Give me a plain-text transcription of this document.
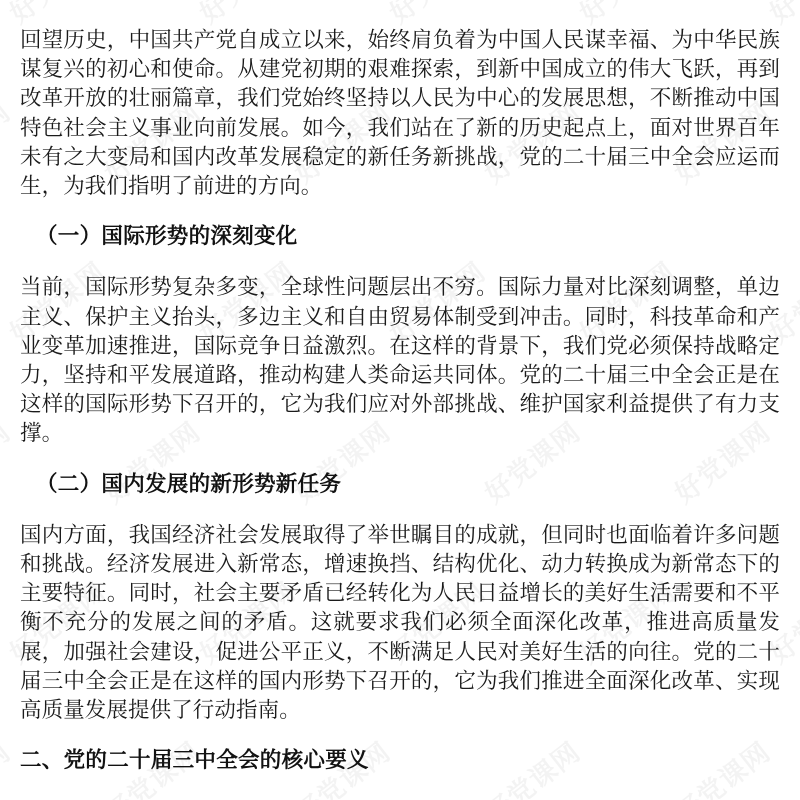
回望历史，中国共产党自成立以来，始终肩负着为中国人民谋幸福、为中华民族谋复兴的初心和使命。从建党初期的艰难探索，到新中国成立的伟大飞跃，再到改革开放的壮丽篇章，我们党始终坚持以人民为中心的发展思想，不断推动中国特色社会主义事业向前发展。如今，我们站在了新的历史起点上，面对世界百年未有之大变局和国内改革发展稳定的新任务新挑战，党的二十届三中全会应运而生，为我们指明了前进的方向。

（一）国际形势的深刻变化

当前，国际形势复杂多变，全球性问题层出不穷。国际力量对比深刻调整，单边主义、保护主义抬头，多边主义和自由贸易体制受到冲击。同时，科技革命和产业变革加速推进，国际竞争日益激烈。在这样的背景下，我们党必须保持战略定力，坚持和平发展道路，推动构建人类命运共同体。党的二十届三中全会正是在这样的国际形势下召开的，它为我们应对外部挑战、维护国家利益提供了有力支撑。

（二）国内发展的新形势新任务

国内方面，我国经济社会发展取得了举世瞩目的成就，但同时也面临着许多问题和挑战。经济发展进入新常态，增速换挡、结构优化、动力转换成为新常态下的主要特征。同时，社会主要矛盾已经转化为人民日益增长的美好生活需要和不平衡不充分的发展之间的矛盾。这就要求我们必须全面深化改革，推进高质量发展，加强社会建设，促进公平正义，不断满足人民对美好生活的向往。党的二十届三中全会正是在这样的国内形势下召开的，它为我们推进全面深化改革、实现高质量发展提供了行动指南。

二、党的二十届三中全会的核心要义
